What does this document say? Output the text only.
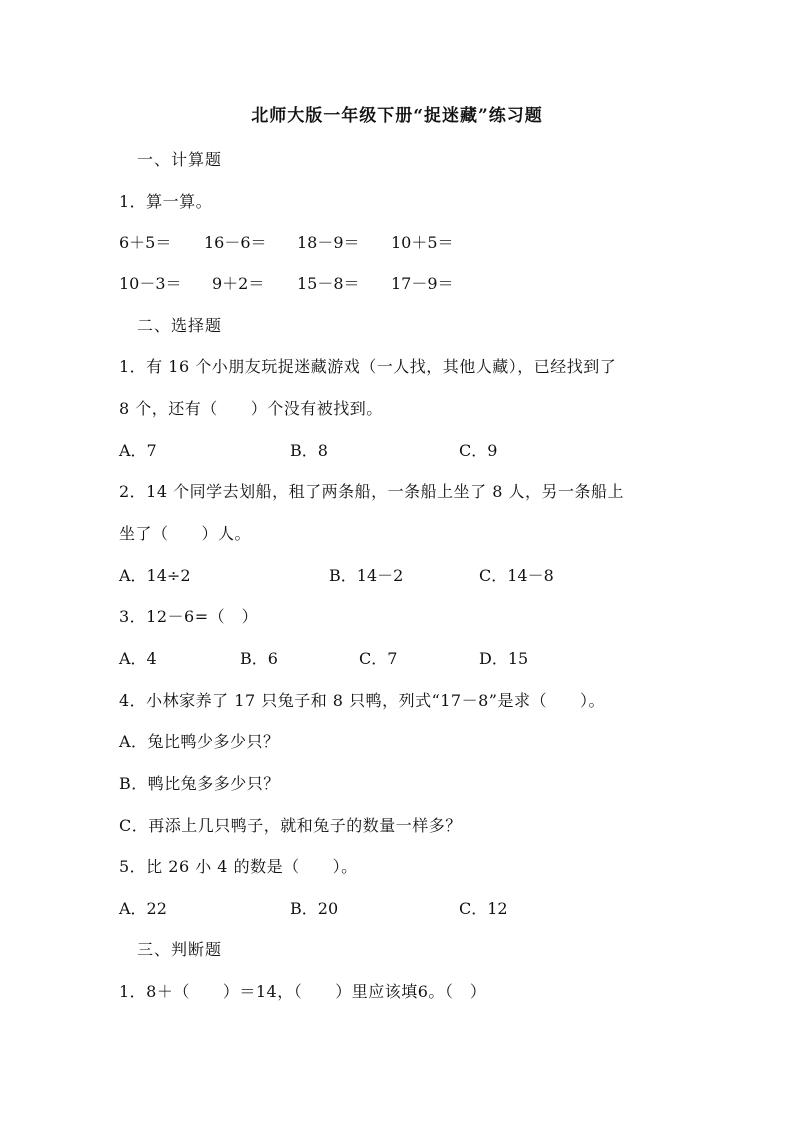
北师大版一年级下册“捉迷藏”练习题
一、计算题
1．算一算。
6＋5＝ 16－6＝ 18－9＝ 10＋5＝
10－3＝ 9＋2＝ 15－8＝ 17－9＝
二、选择题
1．有 16 个小朋友玩捉迷藏游戏（一人找，其他人藏），已经找到了
8 个，还有（　　）个没有被找到。
A．7	B．8	C．9
2．14 个同学去划船，租了两条船，一条船上坐了 8 人，另一条船上
坐了（　　）人。
A．14÷2	B．14－2	C．14－8
3．12－6=（　）
A．4	B．6	C．7	D．15
4．小林家养了 17 只兔子和 8 只鸭，列式“17－8”是求（　　）。
A．兔比鸭少多少只？
B．鸭比兔多多少只？
C．再添上几只鸭子，就和兔子的数量一样多？
5．比 26 小 4 的数是（　　）。
A．22	B．20	C．12
三、判断题
1．8＋（　　）＝14，（　　）里应该填6。（　）
